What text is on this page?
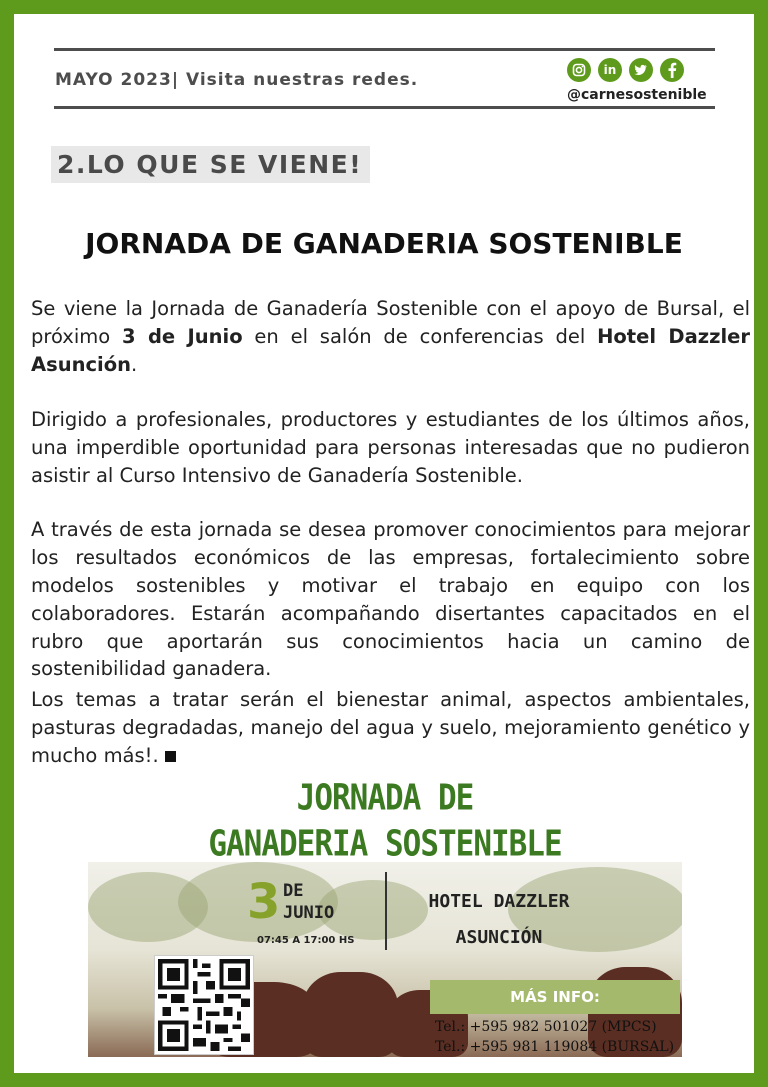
MAYO 2023| Visita nuestras redes.	in
@carnesostenible
2.LO QUE SE VIENE!
JORNADA DE GANADERIA SOSTENIBLE
Se viene la Jornada de Ganadería Sostenible con el apoyo de Bursal, el próximo 3 de Junio en el salón de conferencias del Hotel Dazzler Asunción.
Dirigido a profesionales, productores y estudiantes de los últimos años, una imperdible oportunidad para personas interesadas que no pudieron asistir al Curso Intensivo de Ganadería Sostenible.
A través de esta jornada se desea promover conocimientos para mejorar los resultados económicos de las empresas, fortalecimiento sobre modelos sostenibles y motivar el trabajo en equipo con los colaboradores. Estarán acompañando disertantes capacitados en el rubro que aportarán sus conocimientos hacia un camino de sostenibilidad ganadera.
Los temas a tratar serán el bienestar animal, aspectos ambientales, pasturas degradadas, manejo del agua y suelo, mejoramiento genético y mucho más!.
JORNADA DE
GANADERIA SOSTENIBLE
3 DE
JUNIO
07:45 A 17:00 HS
HOTEL DAZZLER
ASUNCIÓN
MÁS INFO:
Tel.: +595 982 501027 (MPCS)
Tel.: +595 981 119084 (BURSAL)
